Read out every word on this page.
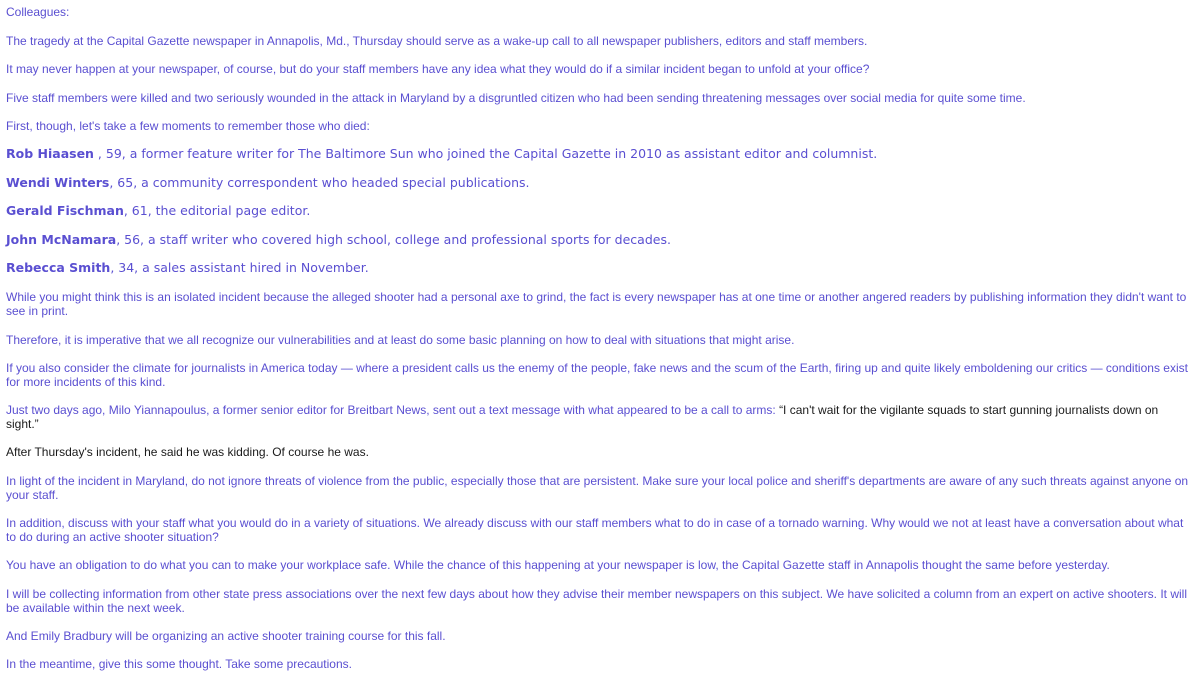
Colleagues:

The tragedy at the Capital Gazette newspaper in Annapolis, Md., Thursday should serve as a wake-up call to all newspaper publishers, editors and staff members.

It may never happen at your newspaper, of course, but do your staff members have any idea what they would do if a similar incident began to unfold at your office?

Five staff members were killed and two seriously wounded in the attack in Maryland by a disgruntled citizen who had been sending threatening messages over social media for quite some time.

First, though, let's take a few moments to remember those who died:

Rob Hiaasen , 59, a former feature writer for The Baltimore Sun who joined the Capital Gazette in 2010 as assistant editor and columnist.

Wendi Winters, 65, a community correspondent who headed special publications.

Gerald Fischman, 61, the editorial page editor.

John McNamara, 56, a staff writer who covered high school, college and professional sports for decades.

Rebecca Smith, 34, a sales assistant hired in November.

While you might think this is an isolated incident because the alleged shooter had a personal axe to grind, the fact is every newspaper has at one time or another angered readers by publishing information they didn't want to see in print.

Therefore, it is imperative that we all recognize our vulnerabilities and at least do some basic planning on how to deal with situations that might arise.

If you also consider the climate for journalists in America today — where a president calls us the enemy of the people, fake news and the scum of the Earth, firing up and quite likely emboldening our critics — conditions exist for more incidents of this kind.

Just two days ago, Milo Yiannapoulus, a former senior editor for Breitbart News, sent out a text message with what appeared to be a call to arms: “I can't wait for the vigilante squads to start gunning journalists down on sight.”

After Thursday's incident, he said he was kidding. Of course he was.

In light of the incident in Maryland, do not ignore threats of violence from the public, especially those that are persistent. Make sure your local police and sheriff's departments are aware of any such threats against anyone on your staff.

In addition, discuss with your staff what you would do in a variety of situations. We already discuss with our staff members what to do in case of a tornado warning. Why would we not at least have a conversation about what to do during an active shooter situation?

You have an obligation to do what you can to make your workplace safe. While the chance of this happening at your newspaper is low, the Capital Gazette staff in Annapolis thought the same before yesterday.

I will be collecting information from other state press associations over the next few days about how they advise their member newspapers on this subject. We have solicited a column from an expert on active shooters. It will be available within the next week.

And Emily Bradbury will be organizing an active shooter training course for this fall.

In the meantime, give this some thought. Take some precautions.
